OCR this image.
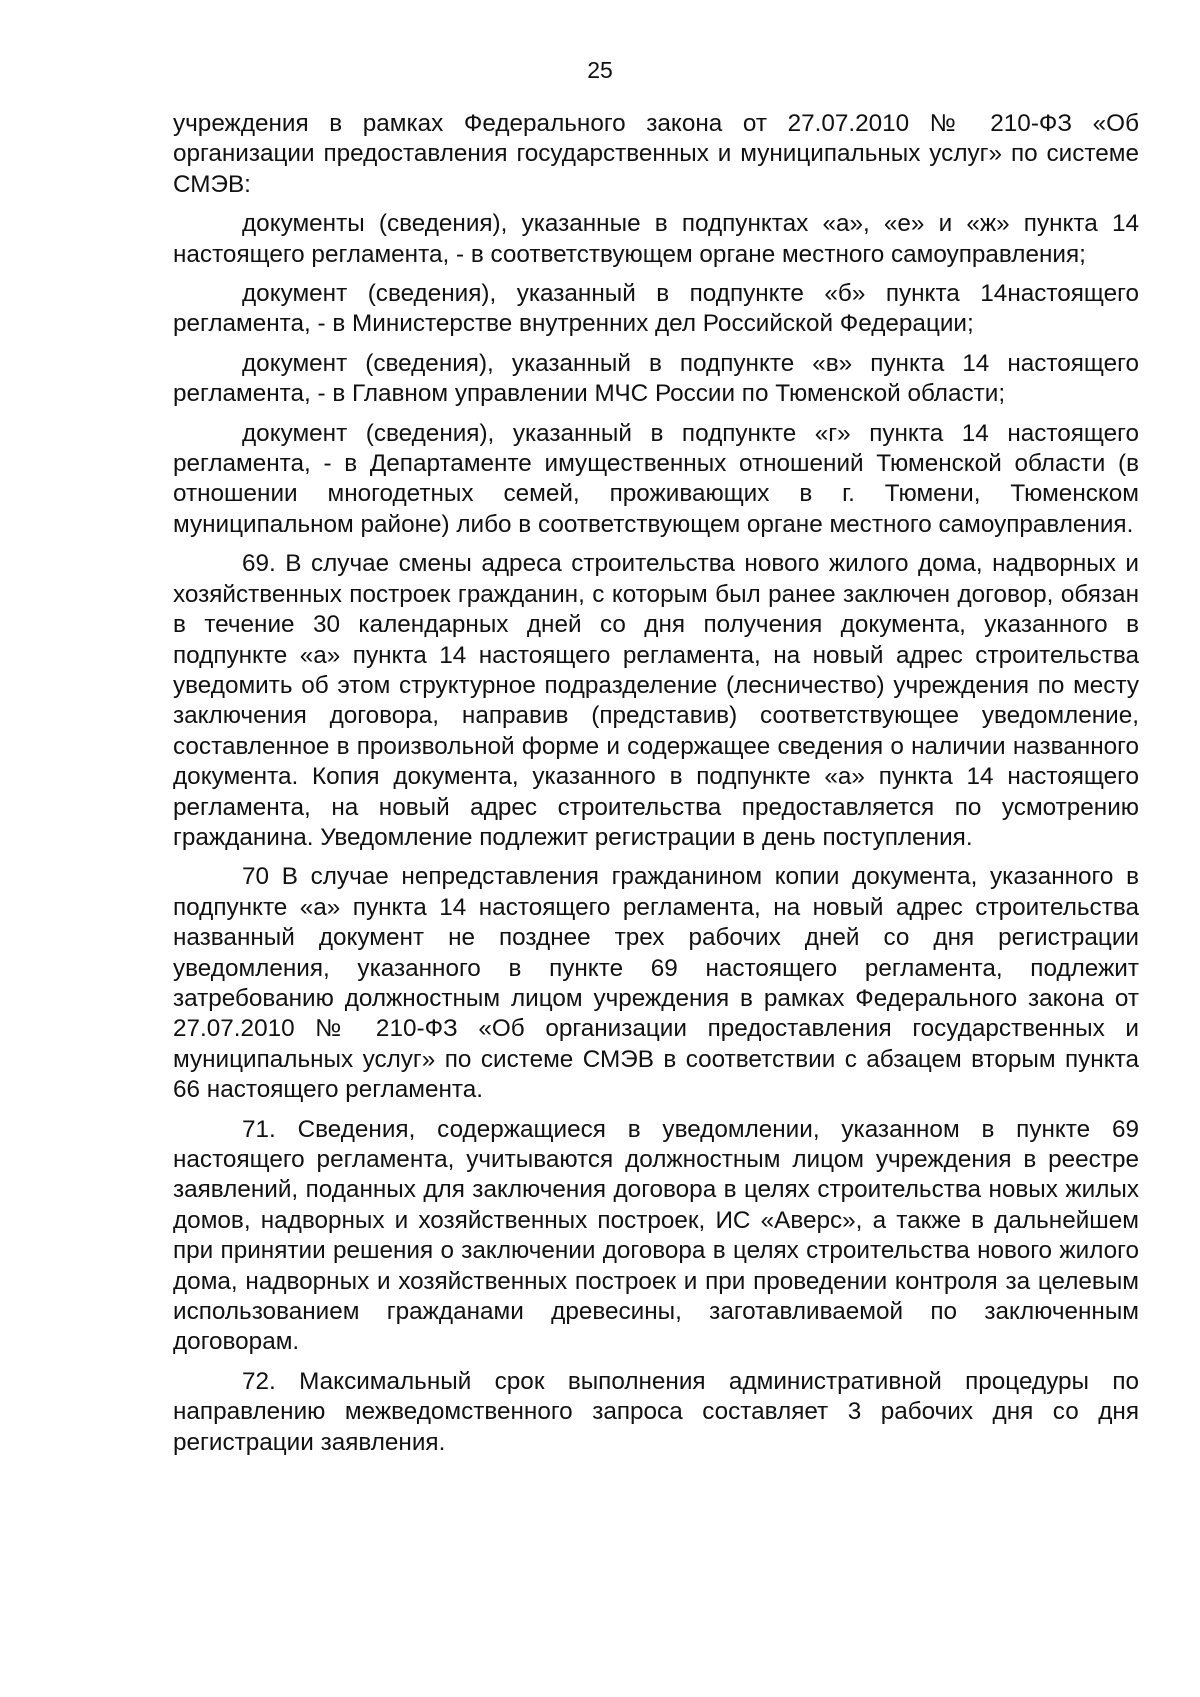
25

учреждения в рамках Федерального закона от 27.07.2010 № 210-ФЗ «Об организации предоставления государственных и муниципальных услуг» по системе СМЭВ:

документы (сведения), указанные в подпунктах «а», «е» и «ж» пункта 14 настоящего регламента, - в соответствующем органе местного самоуправления;

документ (сведения), указанный в подпункте «б» пункта 14настоящего регламента, - в Министерстве внутренних дел Российской Федерации;

документ (сведения), указанный в подпункте «в» пункта 14 настоящего регламента, - в Главном управлении МЧС России по Тюменской области;

документ (сведения), указанный в подпункте «г» пункта 14 настоящего регламента, - в Департаменте имущественных отношений Тюменской области (в отношении многодетных семей, проживающих в г. Тюмени, Тюменском муниципальном районе) либо в соответствующем органе местного самоуправления.

69. В случае смены адреса строительства нового жилого дома, надворных и хозяйственных построек гражданин, с которым был ранее заключен договор, обязан в течение 30 календарных дней со дня получения документа, указанного в подпункте «а» пункта 14 настоящего регламента, на новый адрес строительства уведомить об этом структурное подразделение (лесничество) учреждения по месту заключения договора, направив (представив) соответствующее уведомление, составленное в произвольной форме и содержащее сведения о наличии названного документа. Копия документа, указанного в подпункте «а» пункта 14 настоящего регламента, на новый адрес строительства предоставляется по усмотрению гражданина. Уведомление подлежит регистрации в день поступления.

70 В случае непредставления гражданином копии документа, указанного в подпункте «а» пункта 14 настоящего регламента, на новый адрес строительства названный документ не позднее трех рабочих дней со дня регистрации уведомления, указанного в пункте 69 настоящего регламента, подлежит затребованию должностным лицом учреждения в рамках Федерального закона от 27.07.2010 № 210-ФЗ «Об организации предоставления государственных и муниципальных услуг» по системе СМЭВ в соответствии с абзацем вторым пункта 66 настоящего регламента.

71. Сведения, содержащиеся в уведомлении, указанном в пункте 69 настоящего регламента, учитываются должностным лицом учреждения в реестре заявлений, поданных для заключения договора в целях строительства новых жилых домов, надворных и хозяйственных построек, ИС «Аверс», а также в дальнейшем при принятии решения о заключении договора в целях строительства нового жилого дома, надворных и хозяйственных построек и при проведении контроля за целевым использованием гражданами древесины, заготавливаемой по заключенным договорам.

72. Максимальный срок выполнения административной процедуры по направлению межведомственного запроса составляет 3 рабочих дня со дня регистрации заявления.
